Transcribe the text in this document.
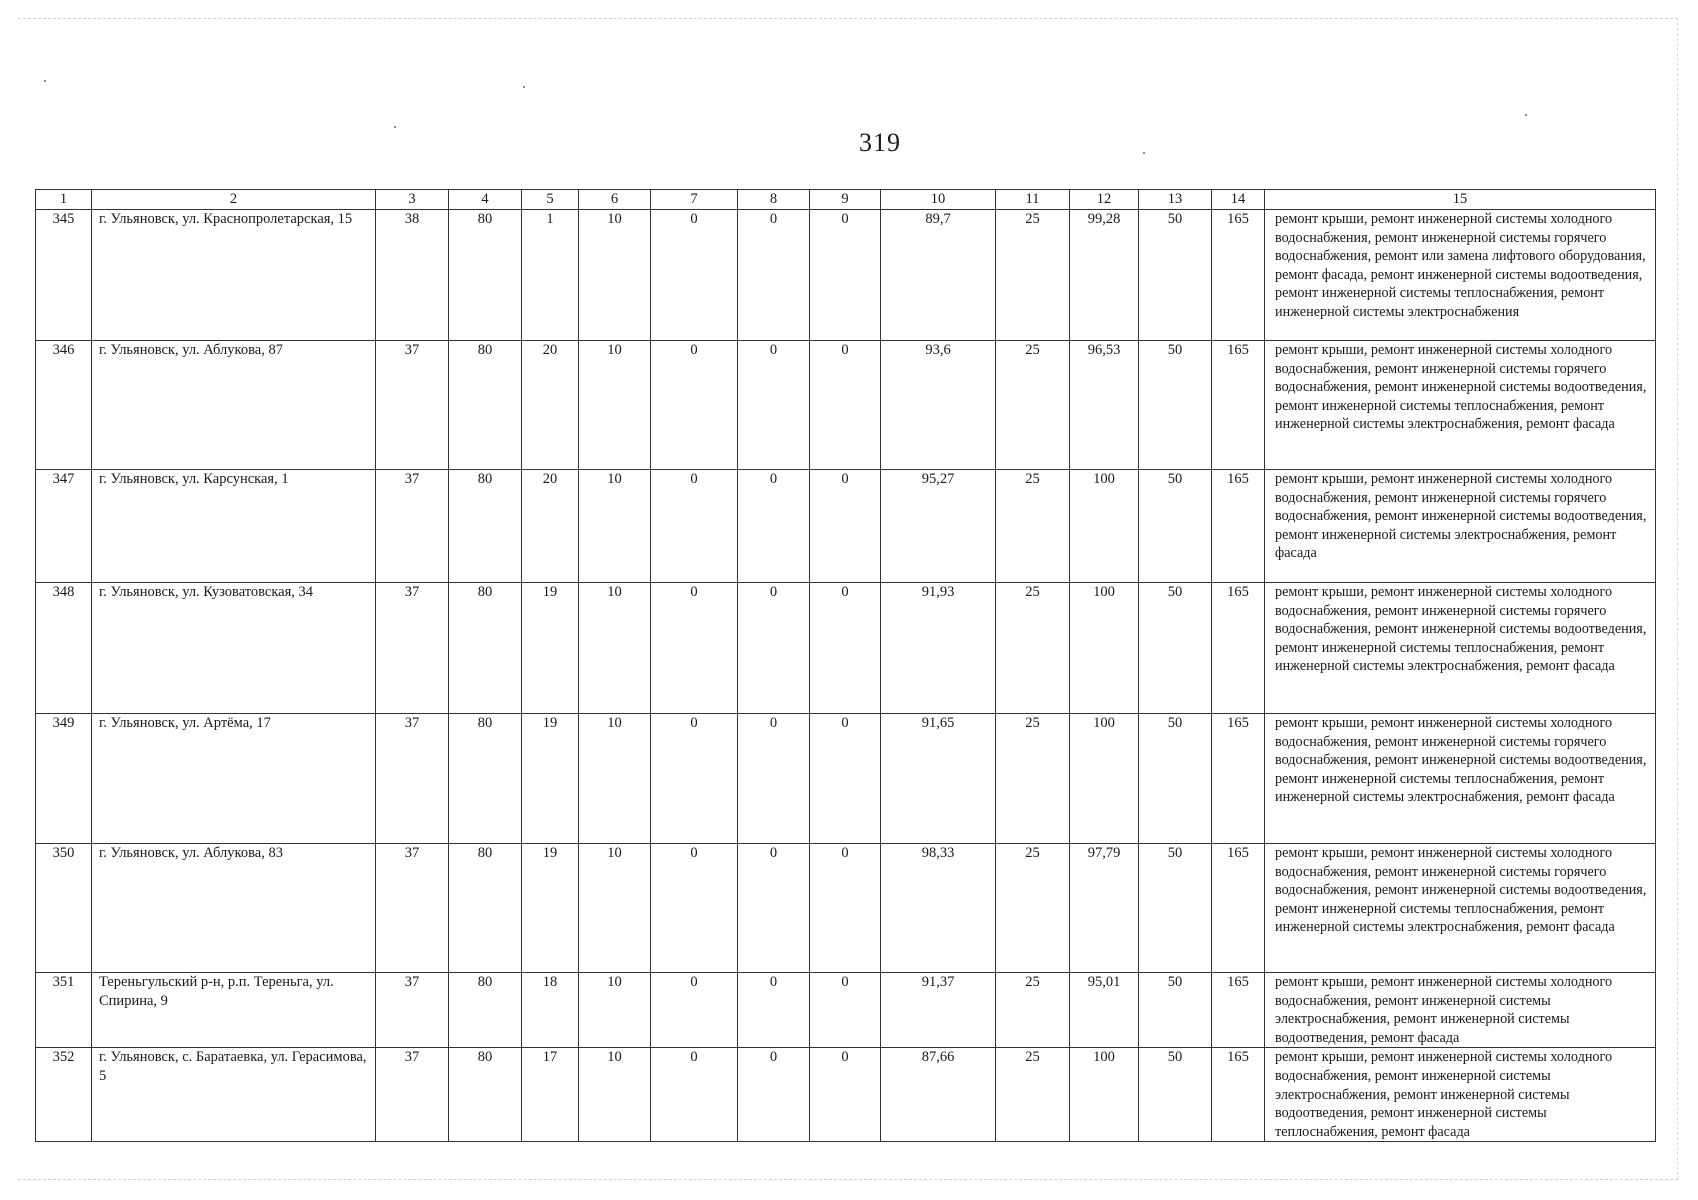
319
1	2	3	4	5	6	7	8	9	10	11	12	13	14	15
345	г. Ульяновск, ул. Краснопролетарская, 15	38	80	1	10	0	0	0	89,7	25	99,28	50	165	ремонт крыши, ремонт инженерной системы холодного водоснабжения, ремонт инженерной системы горячего водоснабжения, ремонт или замена лифтового оборудования, ремонт фасада, ремонт инженерной системы водоотведения, ремонт инженерной системы теплоснабжения, ремонт инженерной системы электроснабжения
346	г. Ульяновск, ул. Аблукова, 87	37	80	20	10	0	0	0	93,6	25	96,53	50	165	ремонт крыши, ремонт инженерной системы холодного водоснабжения, ремонт инженерной системы горячего водоснабжения, ремонт инженерной системы водоотведения, ремонт инженерной системы теплоснабжения, ремонт инженерной системы электроснабжения, ремонт фасада
347	г. Ульяновск, ул. Карсунская, 1	37	80	20	10	0	0	0	95,27	25	100	50	165	ремонт крыши, ремонт инженерной системы холодного водоснабжения, ремонт инженерной системы горячего водоснабжения, ремонт инженерной системы водоотведения, ремонт инженерной системы электроснабжения, ремонт фасада
348	г. Ульяновск, ул. Кузоватовская, 34	37	80	19	10	0	0	0	91,93	25	100	50	165	ремонт крыши, ремонт инженерной системы холодного водоснабжения, ремонт инженерной системы горячего водоснабжения, ремонт инженерной системы водоотведения, ремонт инженерной системы теплоснабжения, ремонт инженерной системы электроснабжения, ремонт фасада
349	г. Ульяновск, ул. Артёма, 17	37	80	19	10	0	0	0	91,65	25	100	50	165	ремонт крыши, ремонт инженерной системы холодного водоснабжения, ремонт инженерной системы горячего водоснабжения, ремонт инженерной системы водоотведения, ремонт инженерной системы теплоснабжения, ремонт инженерной системы электроснабжения, ремонт фасада
350	г. Ульяновск, ул. Аблукова, 83	37	80	19	10	0	0	0	98,33	25	97,79	50	165	ремонт крыши, ремонт инженерной системы холодного водоснабжения, ремонт инженерной системы горячего водоснабжения, ремонт инженерной системы водоотведения, ремонт инженерной системы теплоснабжения, ремонт инженерной системы электроснабжения, ремонт фасада
351	Тереньгульский р-н, р.п. Тереньга, ул. Спирина, 9	37	80	18	10	0	0	0	91,37	25	95,01	50	165	ремонт крыши, ремонт инженерной системы холодного водоснабжения, ремонт инженерной системы электроснабжения, ремонт инженерной системы водоотведения, ремонт фасада
352	г. Ульяновск, с. Баратаевка, ул. Герасимова, 5	37	80	17	10	0	0	0	87,66	25	100	50	165	ремонт крыши, ремонт инженерной системы холодного водоснабжения, ремонт инженерной системы электроснабжения, ремонт инженерной системы водоотведения, ремонт инженерной системы теплоснабжения, ремонт фасада
